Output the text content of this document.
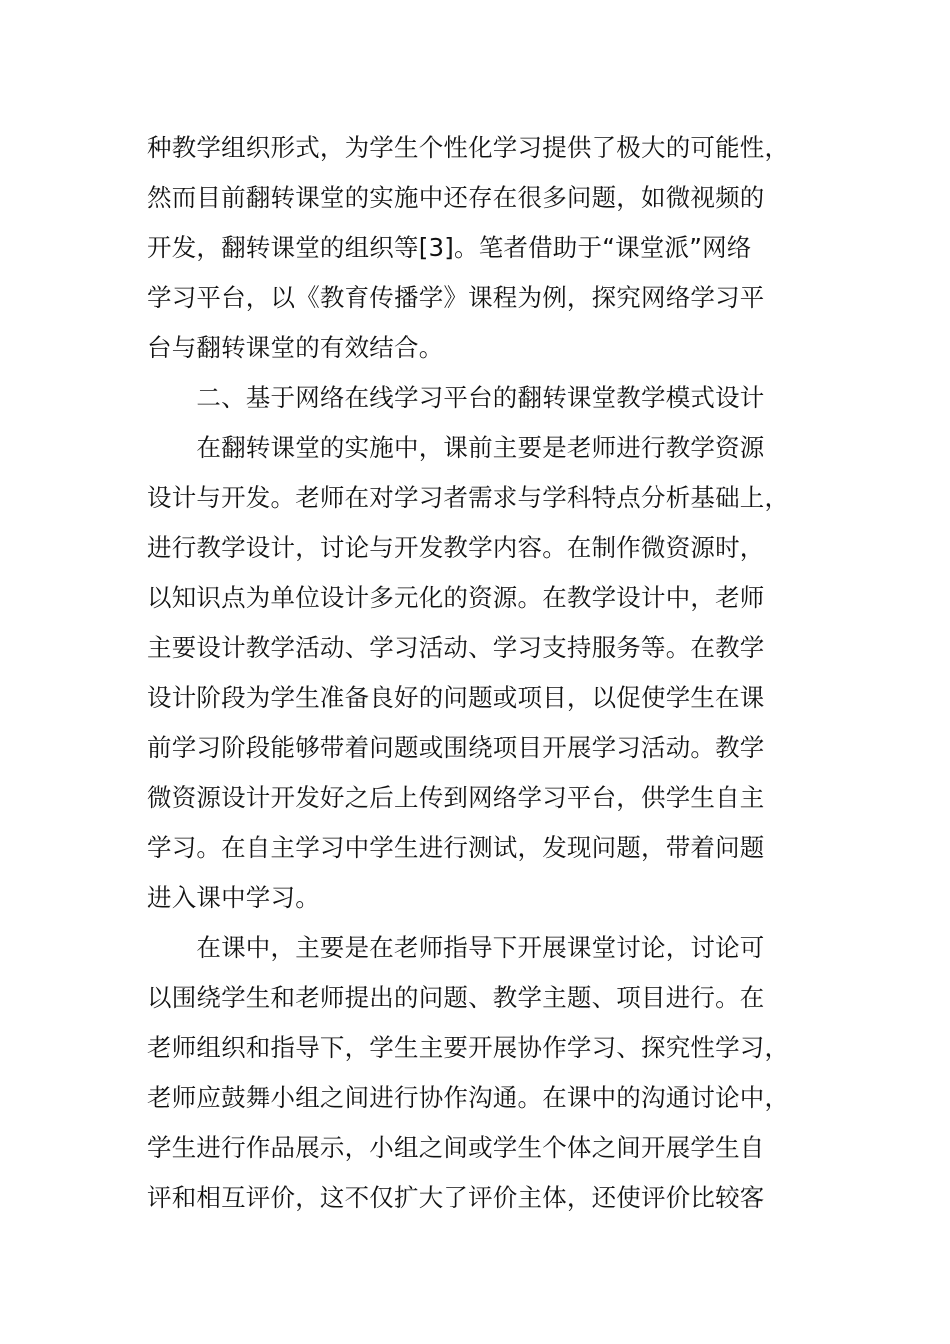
种教学组织形式，为学生个性化学习提供了极大的可能性，
然而目前翻转课堂的实施中还存在很多问题，如微视频的
开发，翻转课堂的组织等[3]。笔者借助于“课堂派”网络
学习平台，以《教育传播学》课程为例，探究网络学习平
台与翻转课堂的有效结合。
　　二、基于网络在线学习平台的翻转课堂教学模式设计
　　在翻转课堂的实施中，课前主要是老师进行教学资源
设计与开发。老师在对学习者需求与学科特点分析基础上，
进行教学设计，讨论与开发教学内容。在制作微资源时，
以知识点为单位设计多元化的资源。在教学设计中，老师
主要设计教学活动、学习活动、学习支持服务等。在教学
设计阶段为学生准备良好的问题或项目，以促使学生在课
前学习阶段能够带着问题或围绕项目开展学习活动。教学
微资源设计开发好之后上传到网络学习平台，供学生自主
学习。在自主学习中学生进行测试，发现问题，带着问题
进入课中学习。
　　在课中，主要是在老师指导下开展课堂讨论，讨论可
以围绕学生和老师提出的问题、教学主题、项目进行。在
老师组织和指导下，学生主要开展协作学习、探究性学习，
老师应鼓舞小组之间进行协作沟通。在课中的沟通讨论中，
学生进行作品展示，小组之间或学生个体之间开展学生自
评和相互评价，这不仅扩大了评价主体，还使评价比较客
